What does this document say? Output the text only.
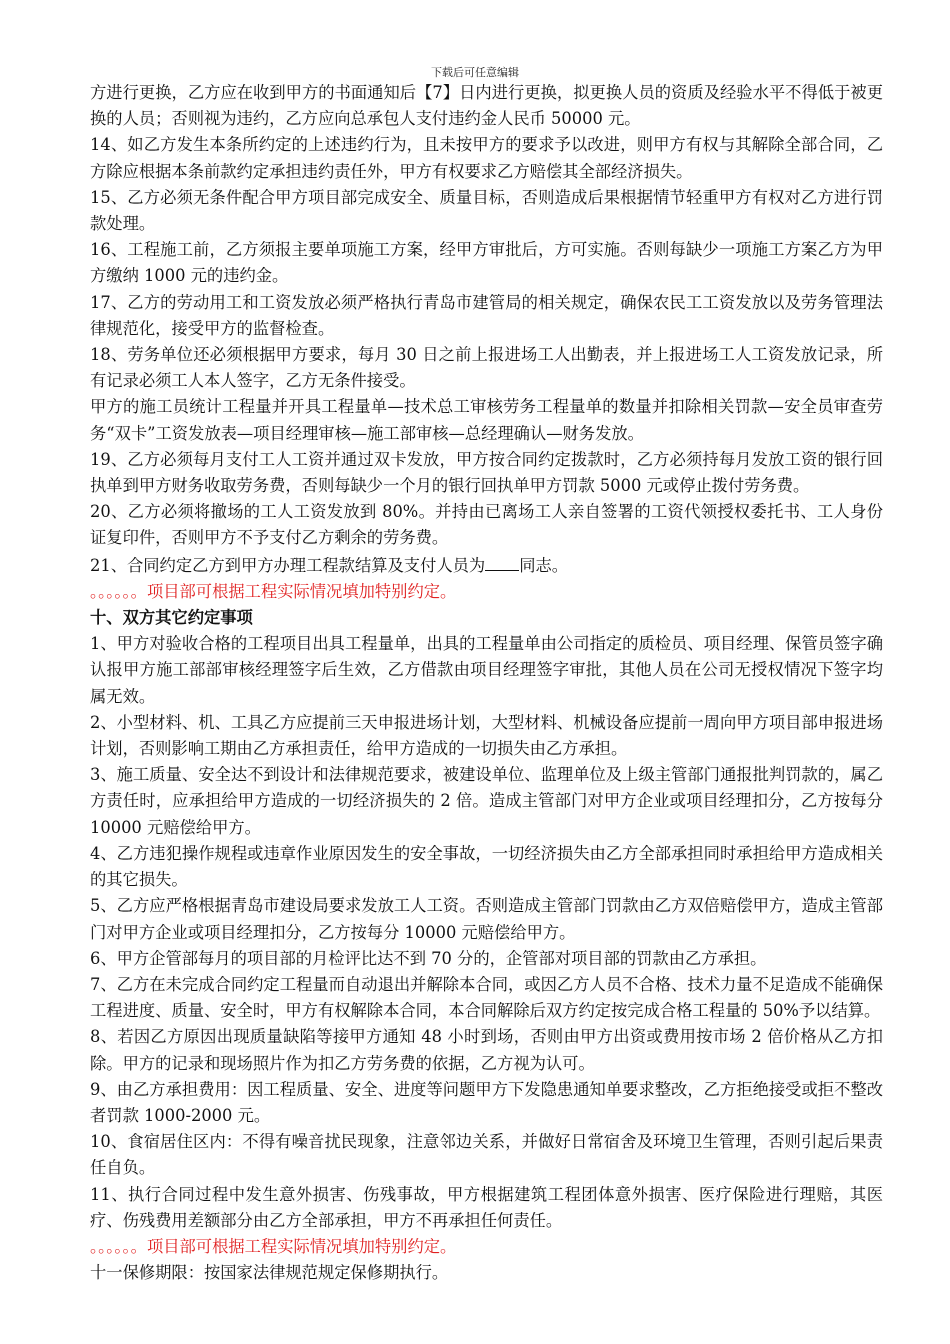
下载后可任意编辑

方进行更换，乙方应在收到甲方的书面通知后【7】日内进行更换，拟更换人员的资质及经验水平不得低于被更换的人员；否则视为违约，乙方应向总承包人支付违约金人民币 50000 元。

14、如乙方发生本条所约定的上述违约行为，且未按甲方的要求予以改进，则甲方有权与其解除全部合同，乙方除应根据本条前款约定承担违约责任外，甲方有权要求乙方赔偿其全部经济损失。

15、乙方必须无条件配合甲方项目部完成安全、质量目标，否则造成后果根据情节轻重甲方有权对乙方进行罚款处理。

16、工程施工前，乙方须报主要单项施工方案，经甲方审批后，方可实施。否则每缺少一项施工方案乙方为甲方缴纳 1000 元的违约金。

17、乙方的劳动用工和工资发放必须严格执行青岛市建管局的相关规定，确保农民工工资发放以及劳务管理法律规范化，接受甲方的监督检查。

18、劳务单位还必须根据甲方要求，每月 30 日之前上报进场工人出勤表，并上报进场工人工资发放记录，所有记录必须工人本人签字，乙方无条件接受。

甲方的施工员统计工程量并开具工程量单—技术总工审核劳务工程量单的数量并扣除相关罚款—安全员审查劳务“双卡”工资发放表—项目经理审核—施工部审核—总经理确认—财务发放。

19、乙方必须每月支付工人工资并通过双卡发放，甲方按合同约定拨款时，乙方必须持每月发放工资的银行回执单到甲方财务收取劳务费，否则每缺少一个月的银行回执单甲方罚款 5000 元或停止拨付劳务费。

20、乙方必须将撤场的工人工资发放到 80%。并持由已离场工人亲自签署的工资代领授权委托书、工人身份证复印件，否则甲方不予支付乙方剩余的劳务费。

21、合同约定乙方到甲方办理工程款结算及支付人员为 同志。

。。。。。。项目部可根据工程实际情况填加特别约定。

十、双方其它约定事项

1、甲方对验收合格的工程项目出具工程量单，出具的工程量单由公司指定的质检员、项目经理、保管员签字确认报甲方施工部部审核经理签字后生效，乙方借款由项目经理签字审批，其他人员在公司无授权情况下签字均属无效。

2、小型材料、机、工具乙方应提前三天申报进场计划，大型材料、机械设备应提前一周向甲方项目部申报进场计划，否则影响工期由乙方承担责任，给甲方造成的一切损失由乙方承担。

3、施工质量、安全达不到设计和法律规范要求，被建设单位、监理单位及上级主管部门通报批判罚款的，属乙方责任时，应承担给甲方造成的一切经济损失的 2 倍。造成主管部门对甲方企业或项目经理扣分，乙方按每分 10000 元赔偿给甲方。

4、乙方违犯操作规程或违章作业原因发生的安全事故，一切经济损失由乙方全部承担同时承担给甲方造成相关的其它损失。

5、乙方应严格根据青岛市建设局要求发放工人工资。否则造成主管部门罚款由乙方双倍赔偿甲方，造成主管部门对甲方企业或项目经理扣分，乙方按每分 10000 元赔偿给甲方。

6、甲方企管部每月的项目部的月检评比达不到 70 分的，企管部对项目部的罚款由乙方承担。

7、乙方在未完成合同约定工程量而自动退出并解除本合同，或因乙方人员不合格、技术力量不足造成不能确保工程进度、质量、安全时，甲方有权解除本合同，本合同解除后双方约定按完成合格工程量的 50%予以结算。

8、若因乙方原因出现质量缺陷等接甲方通知 48 小时到场，否则由甲方出资或费用按市场 2 倍价格从乙方扣除。甲方的记录和现场照片作为扣乙方劳务费的依据，乙方视为认可。

9、由乙方承担费用：因工程质量、安全、进度等问题甲方下发隐患通知单要求整改，乙方拒绝接受或拒不整改者罚款 1000-2000 元。

10、食宿居住区内：不得有噪音扰民现象，注意邻边关系，并做好日常宿舍及环境卫生管理，否则引起后果责任自负。

11、执行合同过程中发生意外损害、伤残事故，甲方根据建筑工程团体意外损害、医疗保险进行理赔，其医疗、伤残费用差额部分由乙方全部承担，甲方不再承担任何责任。

。。。。。。项目部可根据工程实际情况填加特别约定。

十一保修期限：按国家法律规范规定保修期执行。
